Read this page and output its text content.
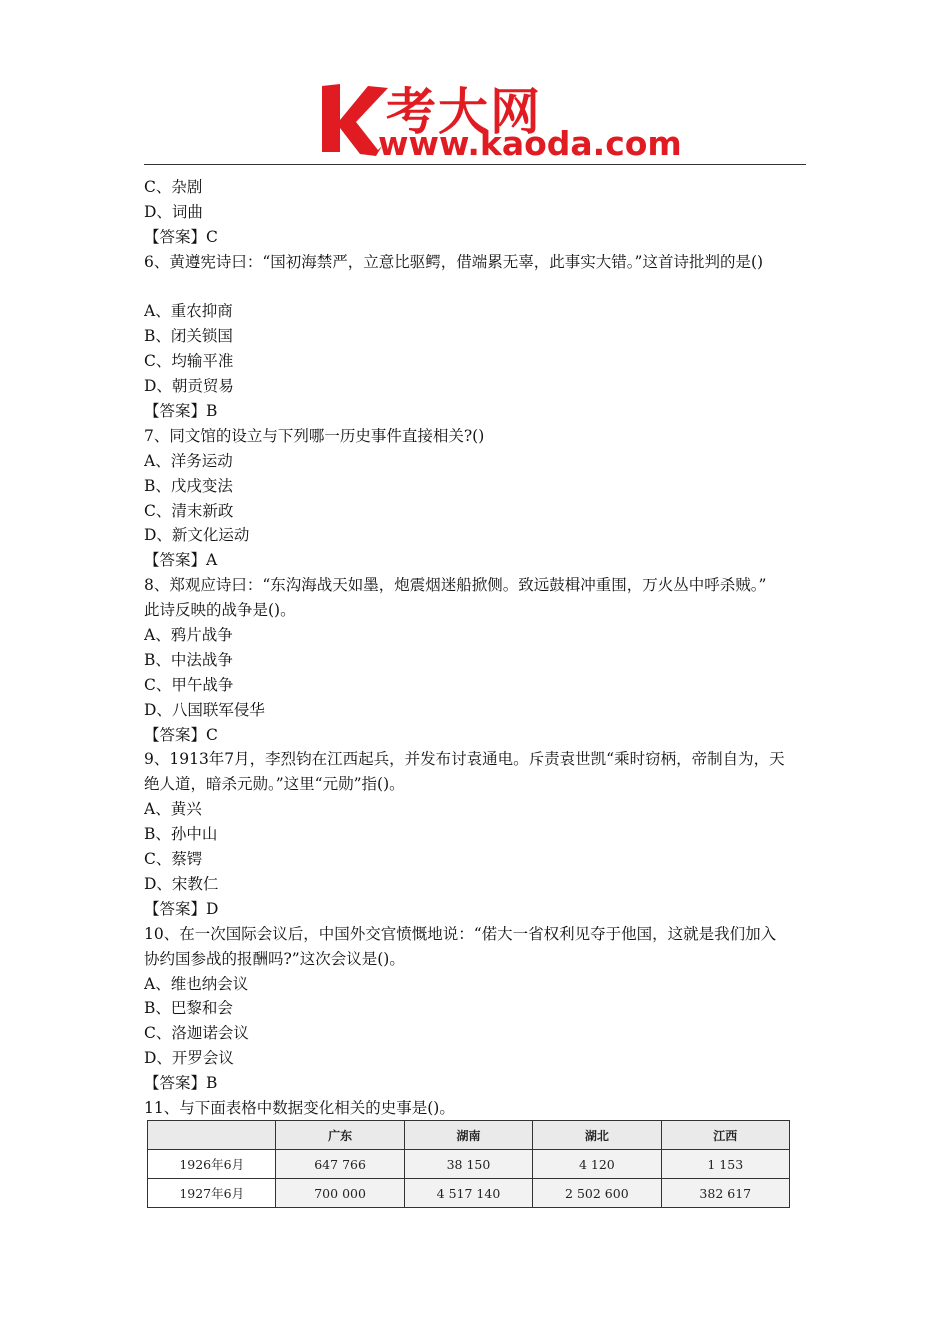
考大网
www.kaoda.com
C、杂剧
D、词曲
【答案】C
6、黄遵宪诗曰：“国初海禁严，立意比驱鳄，借端累无辜，此事实大错。”这首诗批判的是()
A、重农抑商
B、闭关锁国
C、均输平准
D、朝贡贸易
【答案】B
7、同文馆的设立与下列哪一历史事件直接相关?()
A、洋务运动
B、戊戌变法
C、清末新政
D、新文化运动
【答案】A
8、郑观应诗曰：“东沟海战天如墨，炮震烟迷船掀侧。致远鼓楫冲重围，万火丛中呼杀贼。”
此诗反映的战争是()。
A、鸦片战争
B、中法战争
C、甲午战争
D、八国联军侵华
【答案】C
9、1913年7月，李烈钧在江西起兵，并发布讨袁通电。斥责袁世凯“乘时窃柄，帝制自为，天
绝人道，暗杀元勋。”这里“元勋”指()。
A、黄兴
B、孙中山
C、蔡锷
D、宋教仁
【答案】D
10、在一次国际会议后，中国外交官愤慨地说：“偌大一省权利见夺于他国，这就是我们加入
协约国参战的报酬吗?”这次会议是()。
A、维也纳会议
B、巴黎和会
C、洛迦诺会议
D、开罗会议
【答案】B
11、与下面表格中数据变化相关的史事是()。
	广东	湖南	湖北	江西
1926年6月	647 766	38 150	4 120	1 153
1927年6月	700 000	4 517 140	2 502 600	382 617
